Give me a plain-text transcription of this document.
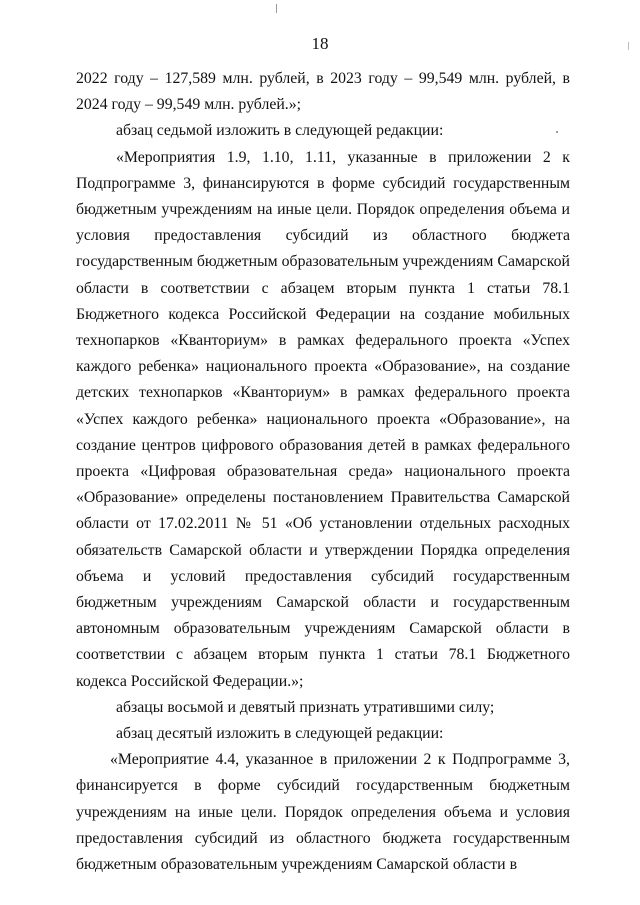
18

2022 году – 127,589 млн. рублей, в 2023 году – 99,549 млн. рублей, в 2024 году – 99,549 млн. рублей.»;

абзац седьмой изложить в следующей редакции:

«Мероприятия 1.9, 1.10, 1.11, указанные в приложении 2 к Подпрограмме 3, финансируются в форме субсидий государственным бюджетным учреждениям на иные цели. Порядок определения объема и условия предоставления субсидий из областного бюджета государственным бюджетным образовательным учреждениям Самарской области в соответствии с абзацем вторым пункта 1 статьи 78.1 Бюджетного кодекса Российской Федерации на создание мобильных технопарков «Кванториум» в рамках федерального проекта «Успех каждого ребенка» национального проекта «Образование», на создание детских технопарков «Кванториум» в рамках федерального проекта «Успех каждого ребенка» национального проекта «Образование», на создание центров цифрового образования детей в рамках федерального проекта «Цифровая образовательная среда» национального проекта «Образование» определены постановлением Правительства Самарской области от 17.02.2011 № 51 «Об установлении отдельных расходных обязательств Самарской области и утверждении Порядка определения объема и условий предоставления субсидий государственным бюджетным учреждениям Самарской области и государственным автономным образовательным учреждениям Самарской области в соответствии с абзацем вторым пункта 1 статьи 78.1 Бюджетного кодекса Российской Федерации.»;

абзацы восьмой и девятый признать утратившими силу;

абзац десятый изложить в следующей редакции:

«Мероприятие 4.4, указанное в приложении 2 к Подпрограмме 3, финансируется в форме субсидий государственным бюджетным учреждениям на иные цели. Порядок определения объема и условия предоставления субсидий из областного бюджета государственным бюджетным образовательным учреждениям Самарской области в
